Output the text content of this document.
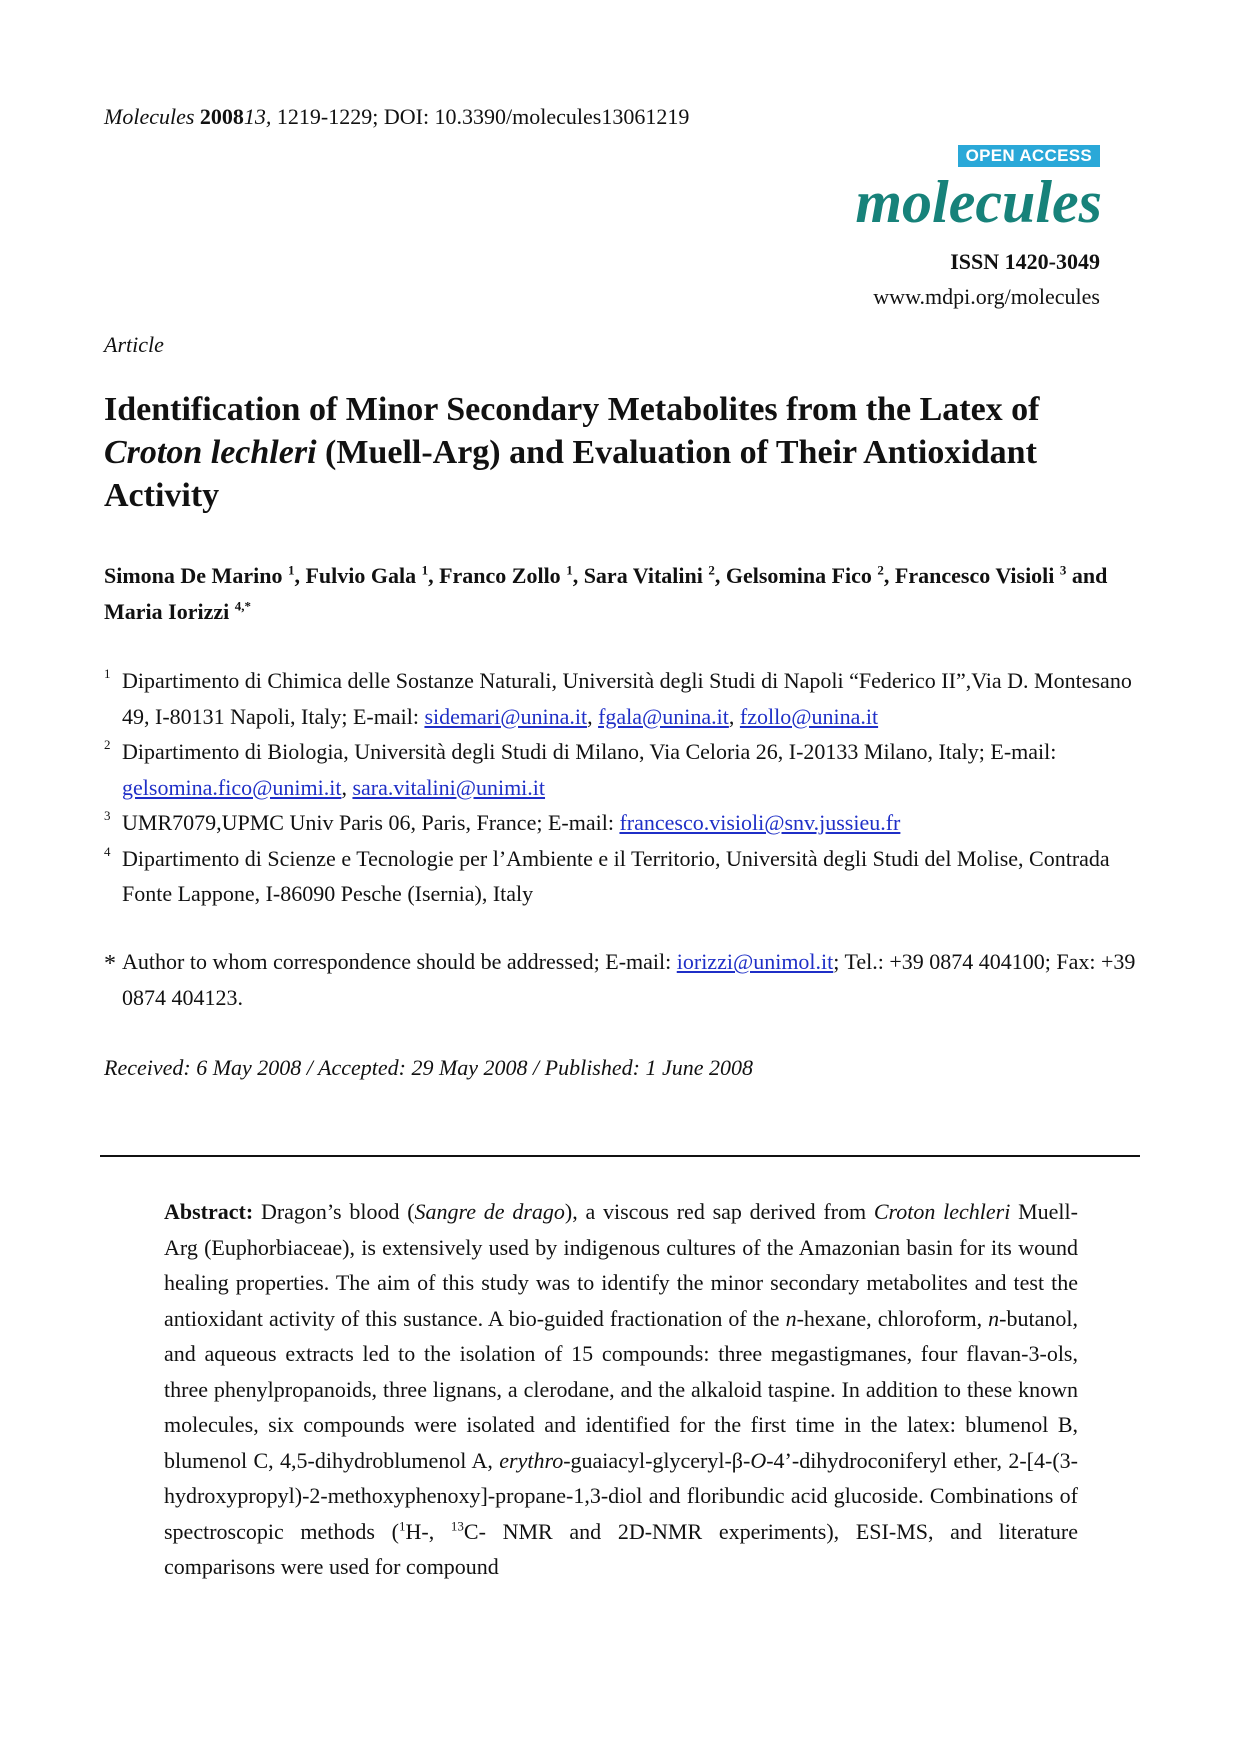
Molecules 200813, 1219-1229; DOI: 10.3390/molecules13061219
OPEN ACCESS
molecules
ISSN 1420-3049
www.mdpi.org/molecules
Article
Identification of Minor Secondary Metabolites from the Latex of Croton lechleri (Muell-Arg) and Evaluation of Their Antioxidant Activity
Simona De Marino $^1$, Fulvio Gala $^1$, Franco Zollo $^1$, Sara Vitalini $^2$, Gelsomina Fico $^2$, Francesco Visioli $^3$ and Maria Iorizzi $^{4,*}$
1 Dipartimento di Chimica delle Sostanze Naturali, Università degli Studi di Napoli “Federico II”,Via D. Montesano 49, I-80131 Napoli, Italy; E-mail: sidemari@unina.it, fgala@unina.it, fzollo@unina.it
2 Dipartimento di Biologia, Università degli Studi di Milano, Via Celoria 26, I-20133 Milano, Italy; E-mail: gelsomina.fico@unimi.it, sara.vitalini@unimi.it
3 UMR7079,UPMC Univ Paris 06, Paris, France; E-mail: francesco.visioli@snv.jussieu.fr
4 Dipartimento di Scienze e Tecnologie per l’Ambiente e il Territorio, Università degli Studi del Molise, Contrada Fonte Lappone, I-86090 Pesche (Isernia), Italy
* Author to whom correspondence should be addressed; E-mail: iorizzi@unimol.it; Tel.: +39 0874 404100; Fax: +39 0874 404123.
Received: 6 May 2008 / Accepted: 29 May 2008 / Published: 1 June 2008
Abstract: Dragon’s blood (Sangre de drago), a viscous red sap derived from Croton lechleri Muell-Arg (Euphorbiaceae), is extensively used by indigenous cultures of the Amazonian basin for its wound healing properties. The aim of this study was to identify the minor secondary metabolites and test the antioxidant activity of this sustance. A bio-guided fractionation of the n-hexane, chloroform, n-butanol, and aqueous extracts led to the isolation of 15 compounds: three megastigmanes, four flavan-3-ols, three phenylpropanoids, three lignans, a clerodane, and the alkaloid taspine. In addition to these known molecules, six compounds were isolated and identified for the first time in the latex: blumenol B, blumenol C, 4,5-dihydroblumenol A, erythro-guaiacyl-glyceryl-β-O-4’-dihydroconiferyl ether, 2-[4-(3-hydroxypropyl)-2-methoxyphenoxy]-propane-1,3-diol and floribundic acid glucoside. Combinations of spectroscopic methods ($^1$H-, $^{13}$C- NMR and 2D-NMR experiments), ESI-MS, and literature comparisons were used for compound
